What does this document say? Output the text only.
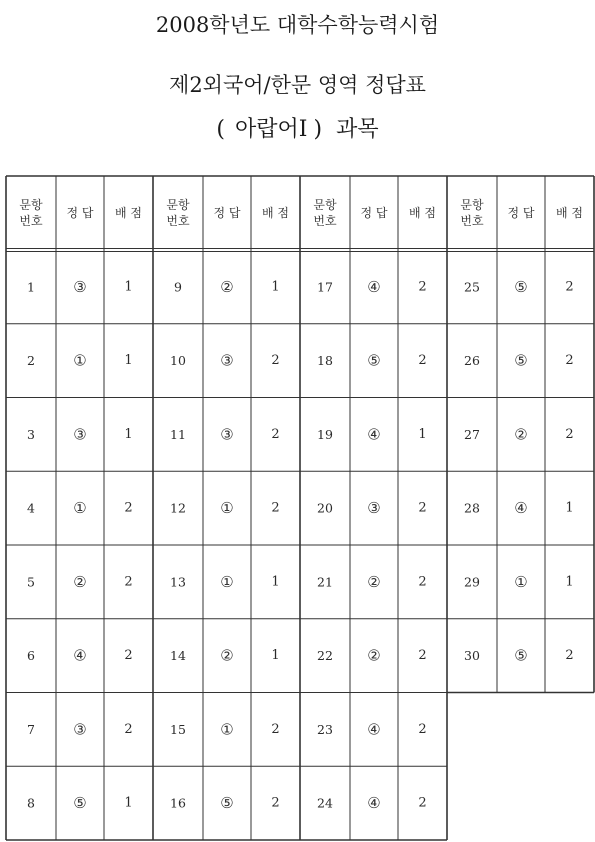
2008학년도 대학수학능력시험
제2외국어/한문 영역 정답표
( 아랍어Ⅰ ) 과목
문항
번호
정 답 배 점
1	③	1
2	①	1
3	③	1
4	①	2
5	②	2
6	④	2
7	③	2
8	⑤	1
문항
번호
정 답 배 점
9	②	1
10 ③	2
11 ③	2
12 ①	2
13 ①	1
14 ②	1
15 ①	2
16 ⑤	2
문항
번호
정 답 배 점
17 ④	2
18 ⑤	2
19 ④	1
20 ③	2
21 ②	2
22 ②	2
23 ④	2
24 ④	2
문항
번호
정 답 배 점
25 ⑤	2
26 ⑤	2
27 ②	2
28 ④	1
29 ①	1
30 ⑤	2
